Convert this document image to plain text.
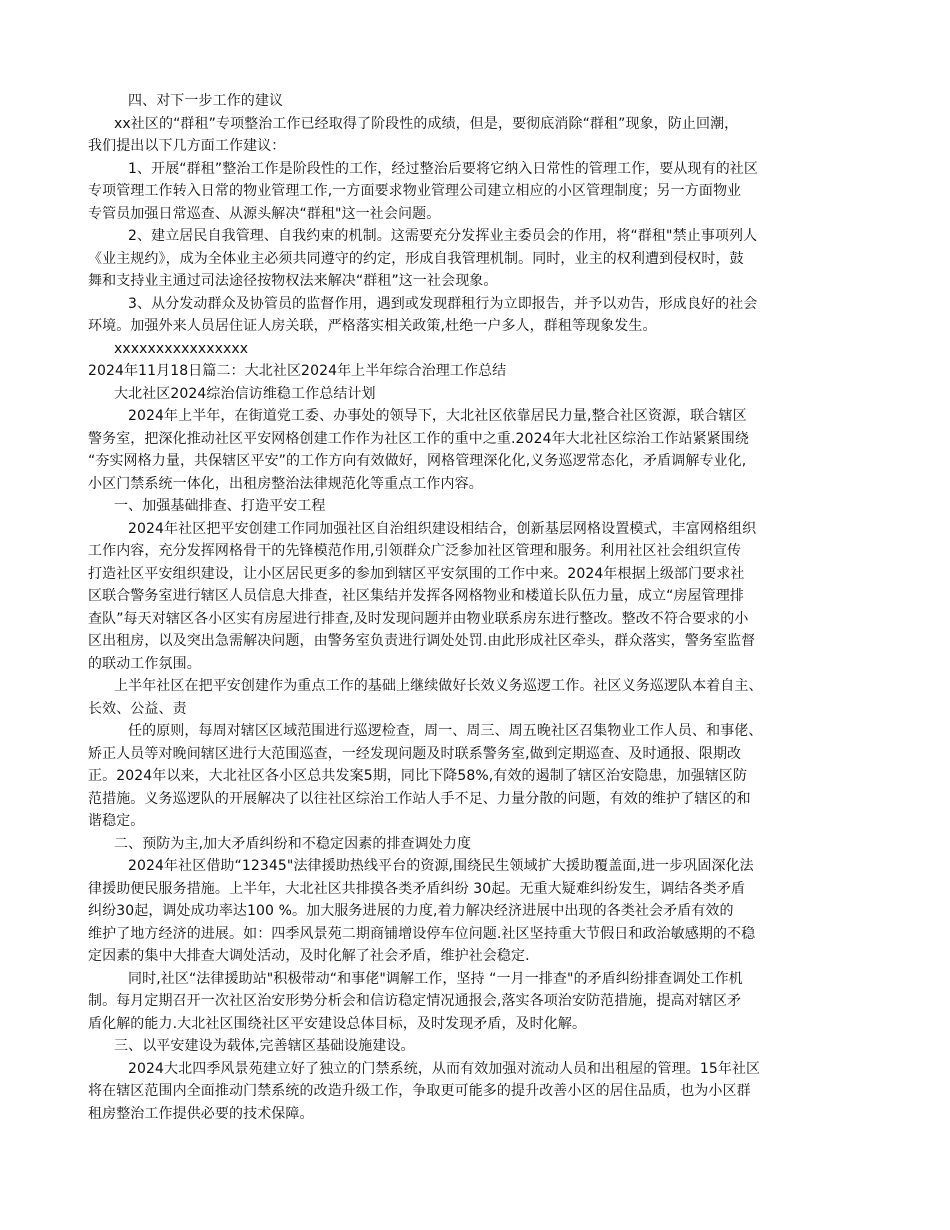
四、对下一步工作的建议
xx社区的“群租”专项整治工作已经取得了阶段性的成绩，但是，要彻底消除“群租”现象，防止回潮，
我们提出以下几方面工作建议：
1、开展“群租”整治工作是阶段性的工作，经过整治后要将它纳入日常性的管理工作，要从现有的社区
专项管理工作转入日常的物业管理工作,一方面要求物业管理公司建立相应的小区管理制度；另一方面物业
专管员加强日常巡查、从源头解决“群租"这一社会问题。
2、建立居民自我管理、自我约束的机制。这需要充分发挥业主委员会的作用，将“群租"禁止事项列人
《业主规约》，成为全体业主必须共同遵守的约定，形成自我管理机制。同时，业主的权利遭到侵权时，鼓
舞和支持业主通过司法途径按物权法来解决“群租”这一社会现象。
3、从分发动群众及协管员的监督作用，遇到或发现群租行为立即报告，并予以劝告，形成良好的社会
环境。加强外来人员居住证人房关联，严格落实相关政策,杜绝一户多人，群租等现象发生。
xxxxxxxxxxxxxxxx
2024年11月18日篇二：大北社区2024年上半年综合治理工作总结
大北社区2024综治信访维稳工作总结计划
2024年上半年，在街道党工委、办事处的领导下，大北社区依靠居民力量,整合社区资源，联合辖区
警务室，把深化推动社区平安网格创建工作作为社区工作的重中之重.2024年大北社区综治工作站紧紧围绕
“夯实网格力量，共保辖区平安”的工作方向有效做好，网格管理深化化,义务巡逻常态化，矛盾调解专业化,
小区门禁系统一体化，出租房整治法律规范化等重点工作内容。
一、加强基础排查、打造平安工程
2024年社区把平安创建工作同加强社区自治组织建设相结合，创新基层网格设置模式，丰富网格组织
工作内容，充分发挥网格骨干的先锋模范作用,引领群众广泛参加社区管理和服务。利用社区社会组织宣传
打造社区平安组织建设，让小区居民更多的参加到辖区平安氛围的工作中来。2024年根据上级部门要求社
区联合警务室进行辖区人员信息大排查，社区集结并发挥各网格物业和楼道长队伍力量，成立“房屋管理排
查队”每天对辖区各小区实有房屋进行排查,及时发现问题并由物业联系房东进行整改。整改不符合要求的小
区出租房，以及突出急需解决问题，由警务室负责进行调处处罚.由此形成社区牵头，群众落实，警务室监督
的联动工作氛围。
上半年社区在把平安创建作为重点工作的基础上继续做好长效义务巡逻工作。社区义务巡逻队本着自主、
长效、公益、责
任的原则，每周对辖区区域范围进行巡逻检查，周一、周三、周五晚社区召集物业工作人员、和事佬、
矫正人员等对晚间辖区进行大范围巡查，一经发现问题及时联系警务室,做到定期巡查、及时通报、限期改
正。2024年以来，大北社区各小区总共发案5期，同比下降58%,有效的遏制了辖区治安隐患，加强辖区防
范措施。义务巡逻队的开展解决了以往社区综治工作站人手不足、力量分散的问题，有效的维护了辖区的和
谐稳定。
二、预防为主,加大矛盾纠纷和不稳定因素的排查调处力度
2024年社区借助“12345"法律援助热线平台的资源,围绕民生领域扩大援助覆盖面,进一步巩固深化法
律援助便民服务措施。上半年，大北社区共排摸各类矛盾纠纷 30起。无重大疑难纠纷发生，调结各类矛盾
纠纷30起，调处成功率达100 %。加大服务进展的力度,着力解决经济进展中出现的各类社会矛盾有效的
维护了地方经济的进展。如：四季风景苑二期商铺增设停车位问题.社区坚持重大节假日和政治敏感期的不稳
定因素的集中大排查大调处活动，及时化解了社会矛盾，维护社会稳定.
同时,社区“法律援助站"积极带动“和事佬"调解工作，坚持 “一月一排查"的矛盾纠纷排查调处工作机
制。每月定期召开一次社区治安形势分析会和信访稳定情况通报会,落实各项治安防范措施，提高对辖区矛
盾化解的能力.大北社区围绕社区平安建设总体目标，及时发现矛盾，及时化解。
三、以平安建设为载体,完善辖区基础设施建设。
2024大北四季风景苑建立好了独立的门禁系统，从而有效加强对流动人员和出租屋的管理。15年社区
将在辖区范围内全面推动门禁系统的改造升级工作，争取更可能多的提升改善小区的居住品质，也为小区群
租房整治工作提供必要的技术保障。
